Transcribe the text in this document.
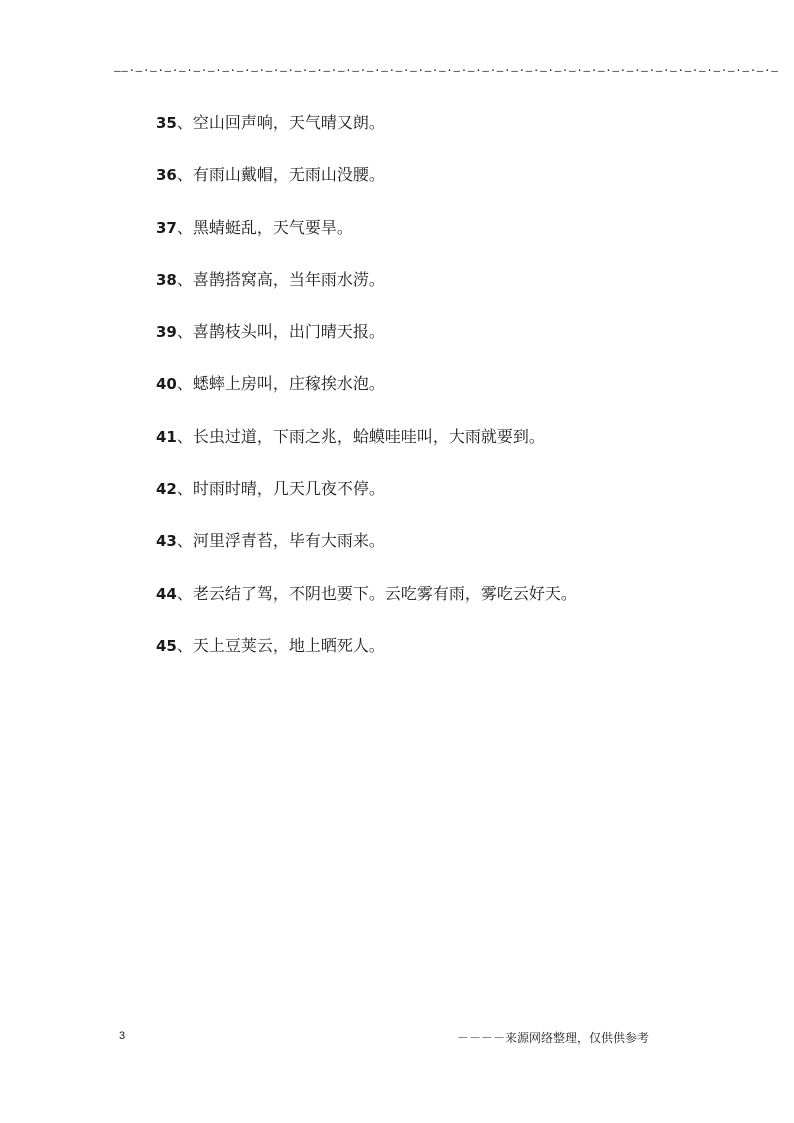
––·–·–·–·–·–·–·–·–·–·–·–·–·–·–·–·–·–·–·–·–·–·–·–·–·–·–·–·–·–·–·–·–·–·–·–·–·–·–·–·–·–·–·–·–·–
35、空山回声响，天气晴又朗。
36、有雨山戴帽，无雨山没腰。
37、黑蜻蜓乱，天气要旱。
38、喜鹊搭窝高，当年雨水涝。
39、喜鹊枝头叫，出门晴天报。
40、蟋蟀上房叫，庄稼挨水泡。
41、长虫过道，下雨之兆，蛤蟆哇哇叫，大雨就要到。
42、时雨时晴，几天几夜不停。
43、河里浮青苔，毕有大雨来。
44、老云结了驾，不阴也要下。云吃雾有雨，雾吃云好天。
45、天上豆荚云，地上晒死人。
3	－－－－来源网络整理，仅供供参考
